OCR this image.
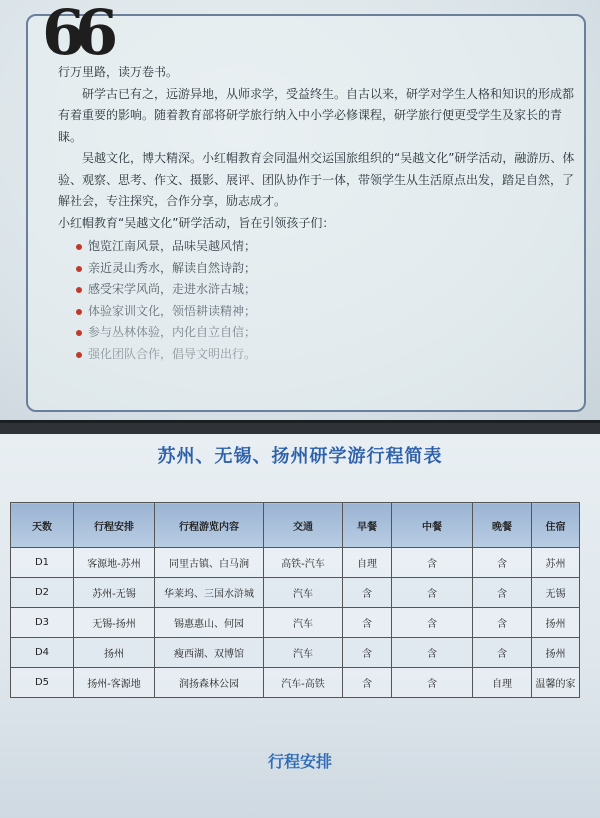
66

行万里路，读万卷书。

研学古已有之，远游异地，从师求学，受益终生。自古以来，研学对学生人格和知识的形成都有着重要的影响。随着教育部将研学旅行纳入中小学必修课程，研学旅行便更受学生及家长的青睐。

吴越文化，博大精深。小红帽教育会同温州交运国旅组织的“吴越文化”研学活动，融游历、体验、观察、思考、作文、摄影、展评、团队协作于一体，带领学生从生活原点出发，踏足自然，了解社会，专注探究，合作分享，励志成才。

小红帽教育“吴越文化”研学活动，旨在引领孩子们：

饱览江南风景，品味吴越风情；
亲近灵山秀水，解读自然诗韵；
感受宋学风尚，走进水浒古城；
体验家训文化，领悟耕读精神；
参与丛林体验，内化自立自信；
强化团队合作，倡导文明出行。
苏州、无锡、扬州研学游行程简表
天数	行程安排	行程游览内容	交通	早餐	中餐	晚餐	住宿
D1	客源地-苏州	同里古镇、白马涧	高铁-汽车	自理	含	含	苏州
D2	苏州-无锡	华莱坞、三国水浒城	汽车	含	含	含	无锡
D3	无锡-扬州	锡惠惠山、何园	汽车	含	含	含	扬州
D4	扬州	瘦西湖、双博馆	汽车	含	含	含	扬州
D5	扬州-客源地	润扬森林公园	汽车-高铁	含	含	自理	温馨的家
行程安排
